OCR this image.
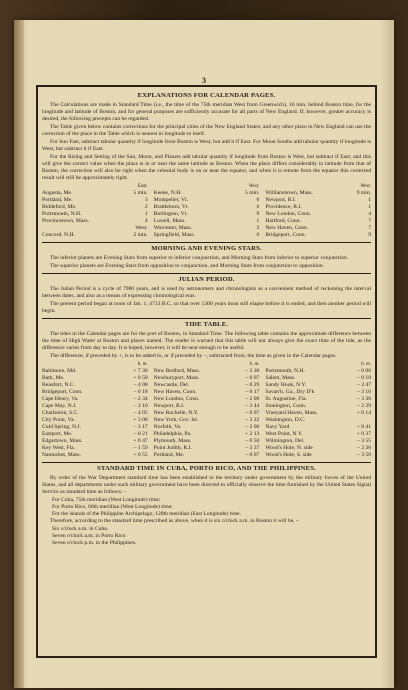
3
EXPLANATIONS FOR CALENDAR PAGES.

The Calculations are made in Standard Time (i.e., the time of the 75th meridian West from Greenwich), 16 min. behind Boston time, for the longitude and latitude of Boston, and for general purposes are sufficiently accurate for all parts of New England. If, however, greater accuracy is desired, the following precepts can be regarded.

The Table given below contains corrections for the principal cities of the New England States; and any other place in New England can use the correction of the place in the Table which is nearest in longitude to itself.

For Sun Fast, subtract tabular quantity if longitude from Boston is West, but add it if East. For Moon Souths add tabular quantity if longitude is West, but subtract it if East.

For the Rising and Setting of the Sun, Moon, and Planets add tabular quantity if longitude from Boston is West, but subtract if East; and this will give the correct value when the place is in or near the same latitude as Boston. When the place differs considerably in latitude from that of Boston, the correction will also be right when the celestial body is on or near the equator, and when it is remote from the equator this corrected result will still be approximately right.

East.
Augusta, Me.	5 min.
Portland, Me.	3
Biddeford, Me.	2
Portsmouth, N.H.	1
Provincetown, Mass.	4
West.
Concord, N.H.	2 min.
West.
Keene, N.H.	5 min.
Montpelier, Vt.	6
Brattleboro, Vt.	6
Burlington, Vt.	9
Lowell, Mass.	1
Worcester, Mass.	3
Springfield, Mass.	6
West.
Williamstown, Mass.	9 min.
Newport, R.I.	1
Providence, R.I.	1
New London, Conn.	4
Hartford, Conn.	7
New Haven, Conn.	7
Bridgeport, Conn.	9
MORNING AND EVENING STARS.

The inferior planets are Evening Stars from superior to inferior conjunction, and Morning Stars from inferior to superior conjunction.

The superior planets are Evening Stars from opposition to conjunction, and Morning Stars from conjunction to opposition.

JULIAN PERIOD.

The Julian Period is a cycle of 7980 years, and is used by astronomers and chronologists as a convenient method of reckoning the interval between dates, and also as a means of expressing chronological eras.

The present period began at noon of Jan. 1, 4713 B.C. so that over 1300 years must still elapse before it is ended, and then another period will begin.

TIDE TABLE.

The tides in the Calendar pages are for the port of Boston, in Standard Time. The following table contains the approximate difference between the time of High Water at Boston and places named. The reader is warned that this table will not always give the exact time of the tide, as the difference varies from day to day. It is hoped, however, it will be near enough to be useful.

The difference, if preceded by +, is to be added to, or if preceded by –, subtracted from, the time as given in the Calendar pages.

h. m.
Baltimore, Md.	+ 7 30
Bath, Me.	+ 0 50
Beaufort, N.C.	– 4 08
Bridgeport, Conn.	– 0 18
Cape Henry, Va.	– 2 34
Cape May, N.J.	– 3 10
Charleston, S.C.	– 4 05
City Point, Va.	+ 3 08
Cold Spring, N.J.	– 3 17
Eastport, Me.	– 0 21
Edgartown, Mass.	+ 0 47
Key West, Fla.	– 1 59
Nantucket, Mass.	+ 0 55
h. m.
New Bedford, Mass.	– 3 30
Newburyport, Mass.	– 0 07
Newcastle, Del.	– 0 29
New Haven, Conn.	– 0 17
New London, Conn.	– 2 06
Newport, R.I.	– 3 44
New Rochelle, N.Y.	– 0 07
New York, Gov. Isl.	– 3 22
Norfolk, Va.	– 2 06
Philadelphia, Pa.	+ 2 13
Plymouth, Mass.	– 0 50
Point Judith, R.I.	– 3 37
Portland, Me.	– 0 07
h. m.
Portsmouth, N.H.	– 0 06
Salem, Mass.	– 0 18
Sandy Hook, N.Y.	– 3 47
Savan'h, Ga., Dry D'k	– 3 16
St. Augustine, Fla.	– 3 36
Stonington, Conn.	– 2 29
Vineyard Haven, Mass.	+ 0 14
Washington, D.C.
Navy Yard	+ 8 41
West Point, N.Y.	+ 0 37
Wilmington, Del.	– 3 55
Wood's Hole, N. side	– 2 36
Wood's Hole, S. side	– 3 50
STANDARD TIME IN CUBA, PORTO RICO, AND THE PHILIPPINES.

By order of the War Department standard time has been established in the territory under government by the military forces of the United States, and all departments under such military government have been directed to officially observe the time furnished by the United States Signal Service as standard time as follows: –

For Cuba, 75th meridian (West Longitude) time;
For Porto Rico, 60th meridian (West Longitude) time;
For the islands of the Philippine Archipelago, 120th meridian (East Longitude) time.

Therefore, according to the standard time prescribed as above, when it is six o'clock a.m. in Boston it will be, –

Six o'clock a.m. in Cuba.
Seven o'clock a.m. in Porto Rico.
Seven o'clock p.m. in the Philippines.
